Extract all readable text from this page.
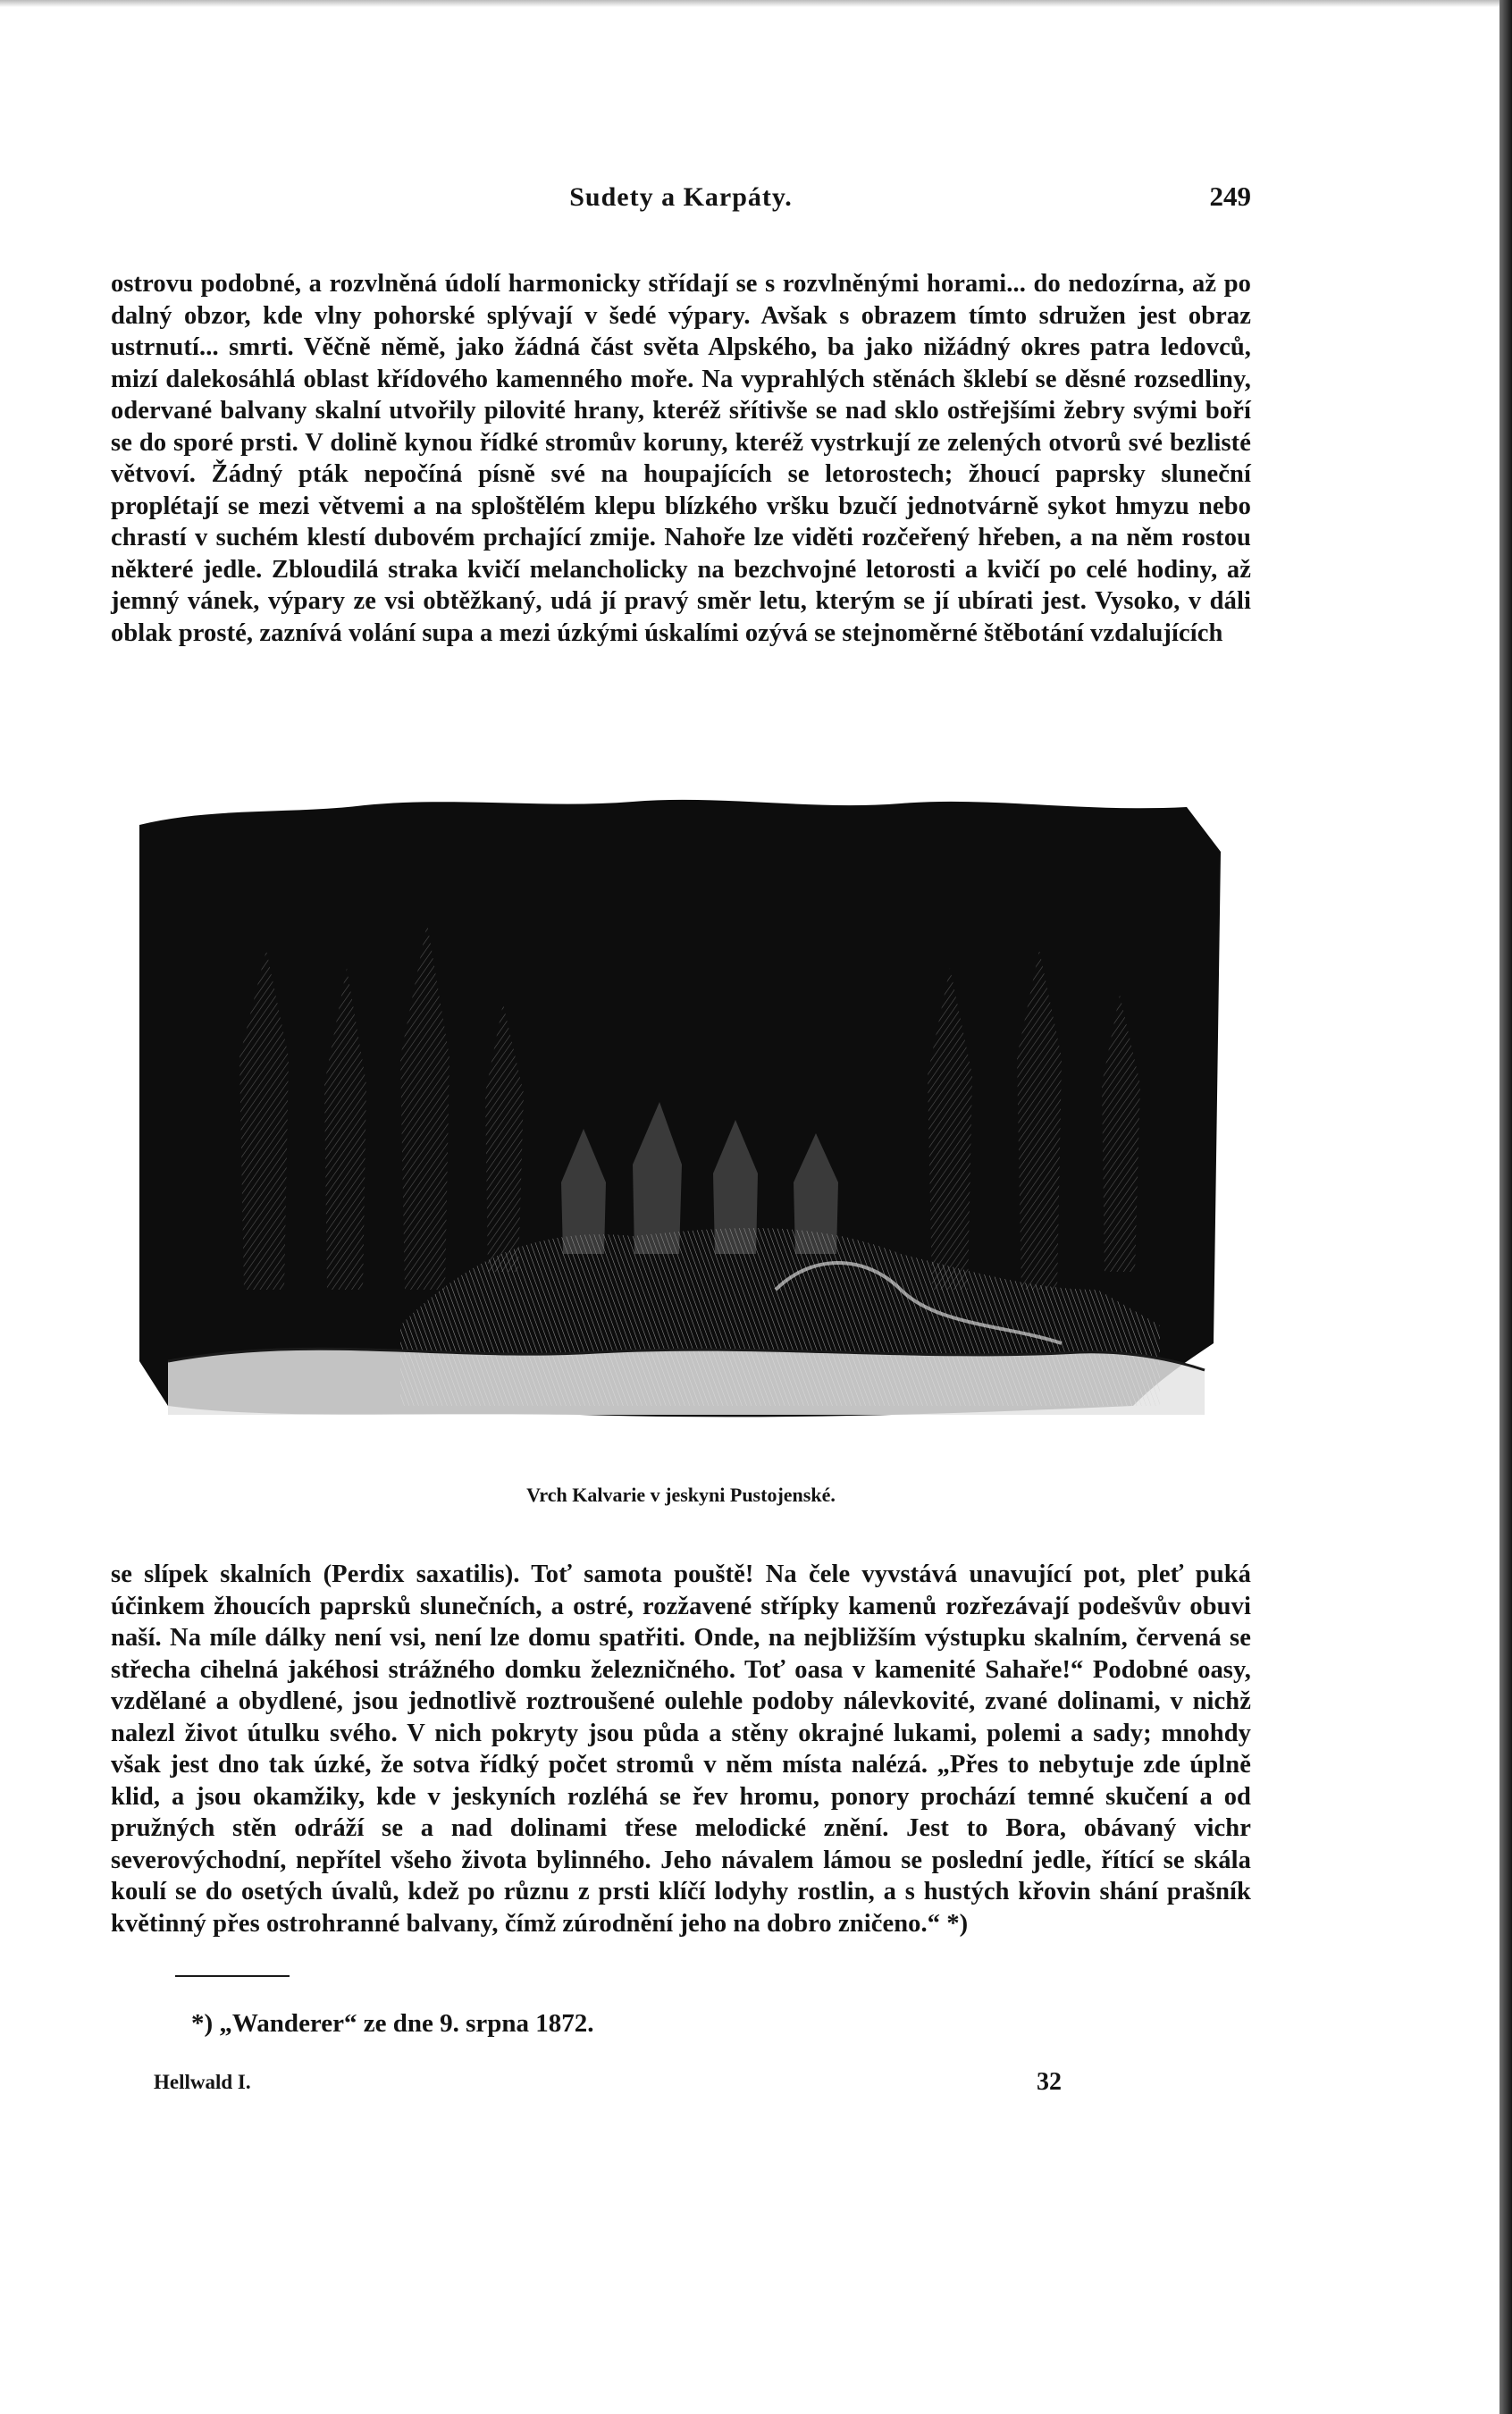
Sudety a Karpáty.	249

ostrovu podobné, a rozvlněná údolí harmonicky střídají se s rozvlněnými horami... do nedozírna, až po dalný obzor, kde vlny pohorské splývají v šedé výpary. Avšak s obrazem tímto sdružen jest obraz ustrnutí... smrti. Věčně němě, jako žádná část světa Alpského, ba jako nižádný okres patra ledovců, mizí dalekosáhlá oblast křídového kamenného moře. Na vyprahlých stěnách šklebí se děsné rozsedliny, odervané balvany skalní utvořily pilovité hrany, kteréž sřítivše se nad sklo ostřejšími žebry svými boří se do sporé prsti. V dolině kynou řídké stromův koruny, kteréž vystrkují ze zelených otvorů své bezlisté větvoví. Žádný pták nepočíná písně své na houpajících se letorostech; žhoucí paprsky sluneční proplétají se mezi větvemi a na sploštělém klepu blízkého vršku bzučí jednotvárně sykot hmyzu nebo chrastí v suchém klestí dubovém prchající zmije. Nahoře lze viděti rozčeřený hřeben, a na něm rostou některé jedle. Zbloudilá straka kvičí melancholicky na bezchvojné letorosti a kvičí po celé hodiny, až jemný vánek, výpary ze vsi obtěžkaný, udá jí pravý směr letu, kterým se jí ubírati jest. Vysoko, v dáli oblak prosté, zaznívá volání supa a mezi úzkými úskalími ozývá se stejnoměrné štěbotání vzdalujících

Vrch Kalvarie v jeskyni Pustojenské.

se slípek skalních (Perdix saxatilis). Toť samota pouště! Na čele vyvstává unavující pot, pleť puká účinkem žhoucích paprsků slunečních, a ostré, rozžavené střípky kamenů rozřezávají podešvův obuvi naší. Na míle dálky není vsi, není lze domu spatřiti. Onde, na nejbližším výstupku skalním, červená se střecha cihelná jakéhosi strážného domku železničného. Toť oasa v kamenité Sahaře!“ Podobné oasy, vzdělané a obydlené, jsou jednotlivě roztroušené oulehle podoby nálevkovité, zvané dolinami, v nichž nalezl život útulku svého. V nich pokryty jsou půda a stěny okrajné lukami, polemi a sady; mnohdy však jest dno tak úzké, že sotva řídký počet stromů v něm místa nalézá. „Přes to nebytuje zde úplně klid, a jsou okamžiky, kde v jeskyních rozléhá se řev hromu, ponory prochází temné skučení a od pružných stěn odráží se a nad dolinami třese melodické znění. Jest to Bora, obávaný vichr severovýchodní, nepřítel všeho života bylinného. Jeho návalem lámou se poslední jedle, řítící se skála koulí se do osetých úvalů, kdež po různu z prsti klíčí lodyhy rostlin, a s hustých křovin shání prašník květinný přes ostrohranné balvany, čímž zúrodnění jeho na dobro zničeno.“ *)

*) „Wanderer“ ze dne 9. srpna 1872.
Hellwald I.	32
